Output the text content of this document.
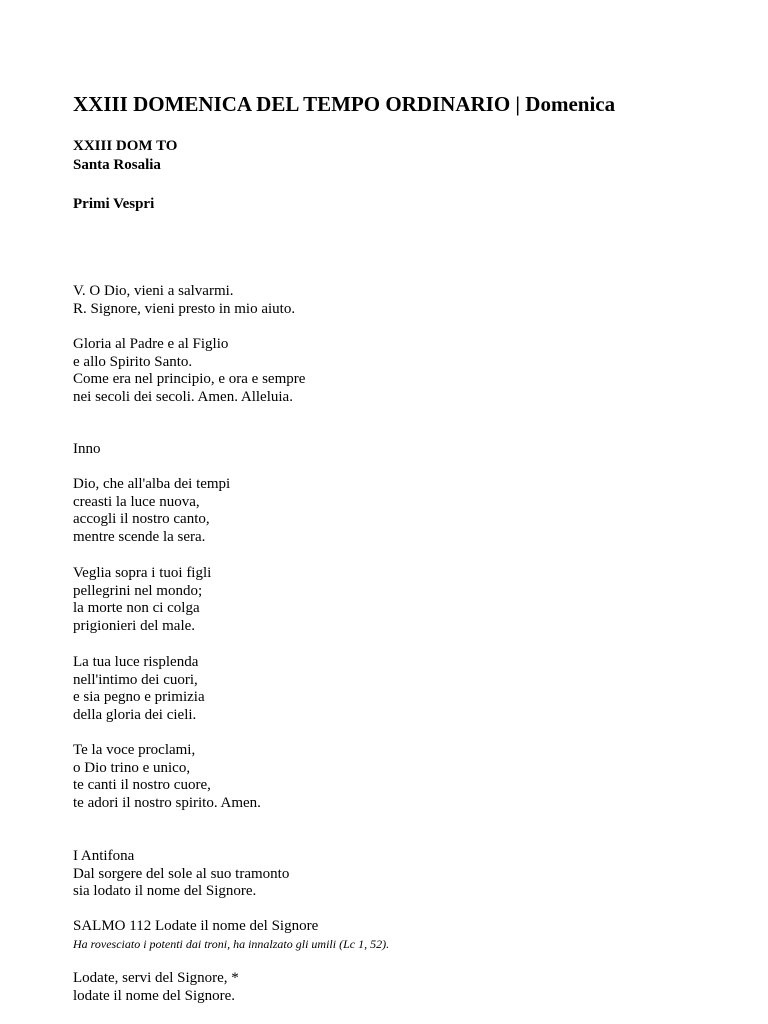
XXIII DOMENICA DEL TEMPO ORDINARIO | Domenica

XXIII DOM TO

Santa Rosalia

Primi Vespri

V. O Dio, vieni a salvarmi.
R. Signore, vieni presto in mio aiuto.
Gloria al Padre e al Figlio
e allo Spirito Santo.
Come era nel principio, e ora e sempre
nei secoli dei secoli. Amen. Alleluia.
Inno
Dio, che all'alba dei tempi
creasti la luce nuova,
accogli il nostro canto,
mentre scende la sera.
Veglia sopra i tuoi figli
pellegrini nel mondo;
la morte non ci colga
prigionieri del male.
La tua luce risplenda
nell'intimo dei cuori,
e sia pegno e primizia
della gloria dei cieli.
Te la voce proclami,
o Dio trino e unico,
te canti il nostro cuore,
te adori il nostro spirito. Amen.
I Antifona
Dal sorgere del sole al suo tramonto
sia lodato il nome del Signore.
SALMO 112 Lodate il nome del Signore
Ha rovesciato i potenti dai troni, ha innalzato gli umili (Lc 1, 52).
Lodate, servi del Signore, *
lodate il nome del Signore.
